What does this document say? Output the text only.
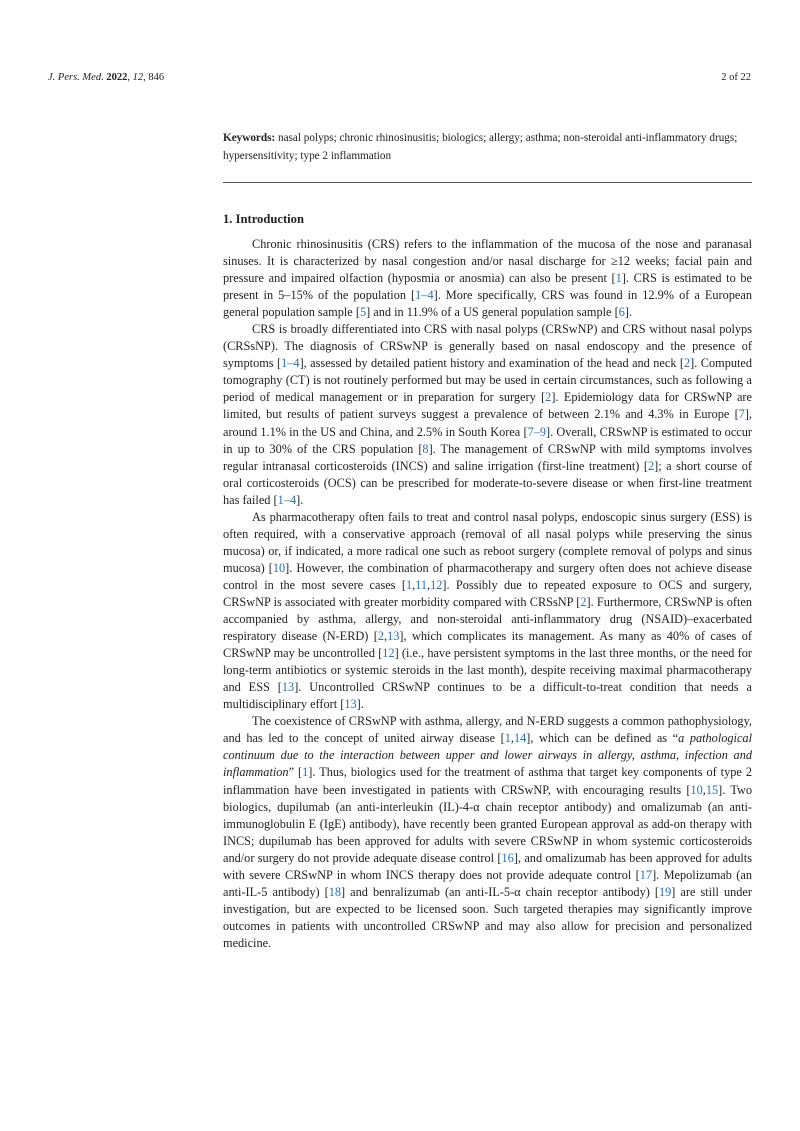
J. Pers. Med. 2022, 12, 846	2 of 22
Keywords: nasal polyps; chronic rhinosinusitis; biologics; allergy; asthma; non-steroidal anti-inflammatory drugs; hypersensitivity; type 2 inflammation
1. Introduction

Chronic rhinosinusitis (CRS) refers to the inflammation of the mucosa of the nose and paranasal sinuses. It is characterized by nasal congestion and/or nasal discharge for ≥12 weeks; facial pain and pressure and impaired olfaction (hyposmia or anosmia) can also be present [1]. CRS is estimated to be present in 5–15% of the population [1–4]. More specifically, CRS was found in 12.9% of a European general population sample [5] and in 11.9% of a US general population sample [6].

CRS is broadly differentiated into CRS with nasal polyps (CRSwNP) and CRS without nasal polyps (CRSsNP). The diagnosis of CRSwNP is generally based on nasal endoscopy and the presence of symptoms [1–4], assessed by detailed patient history and examination of the head and neck [2]. Computed tomography (CT) is not routinely performed but may be used in certain circumstances, such as following a period of medical management or in preparation for surgery [2]. Epidemiology data for CRSwNP are limited, but results of patient surveys suggest a prevalence of between 2.1% and 4.3% in Europe [7], around 1.1% in the US and China, and 2.5% in South Korea [7–9]. Overall, CRSwNP is estimated to occur in up to 30% of the CRS population [8]. The management of CRSwNP with mild symptoms involves regular intranasal corticosteroids (INCS) and saline irrigation (first-line treatment) [2]; a short course of oral corticosteroids (OCS) can be prescribed for moderate-to-severe disease or when first-line treatment has failed [1–4].

As pharmacotherapy often fails to treat and control nasal polyps, endoscopic sinus surgery (ESS) is often required, with a conservative approach (removal of all nasal polyps while preserving the sinus mucosa) or, if indicated, a more radical one such as reboot surgery (complete removal of polyps and sinus mucosa) [10]. However, the combination of pharmacotherapy and surgery often does not achieve disease control in the most severe cases [1,11,12]. Possibly due to repeated exposure to OCS and surgery, CRSwNP is associated with greater morbidity compared with CRSsNP [2]. Furthermore, CRSwNP is often accompanied by asthma, allergy, and non-steroidal anti-inflammatory drug (NSAID)–exacerbated respiratory disease (N-ERD) [2,13], which complicates its management. As many as 40% of cases of CRSwNP may be uncontrolled [12] (i.e., have persistent symptoms in the last three months, or the need for long-term antibiotics or systemic steroids in the last month), despite receiving maximal pharmacotherapy and ESS [13]. Uncontrolled CRSwNP continues to be a difficult-to-treat condition that needs a multidisciplinary effort [13].

The coexistence of CRSwNP with asthma, allergy, and N-ERD suggests a common pathophysiology, and has led to the concept of united airway disease [1,14], which can be defined as “a pathological continuum due to the interaction between upper and lower airways in allergy, asthma, infection and inflammation” [1]. Thus, biologics used for the treatment of asthma that target key components of type 2 inflammation have been investigated in patients with CRSwNP, with encouraging results [10,15]. Two biologics, dupilumab (an anti-interleukin (IL)-4-α chain receptor antibody) and omalizumab (an anti-immunoglobulin E (IgE) antibody), have recently been granted European approval as add-on therapy with INCS; dupilumab has been approved for adults with severe CRSwNP in whom systemic corticosteroids and/or surgery do not provide adequate disease control [16], and omalizumab has been approved for adults with severe CRSwNP in whom INCS therapy does not provide adequate control [17]. Mepolizumab (an anti-IL-5 antibody) [18] and benralizumab (an anti-IL-5-α chain receptor antibody) [19] are still under investigation, but are expected to be licensed soon. Such targeted therapies may significantly improve outcomes in patients with uncontrolled CRSwNP and may also allow for precision and personalized medicine.
